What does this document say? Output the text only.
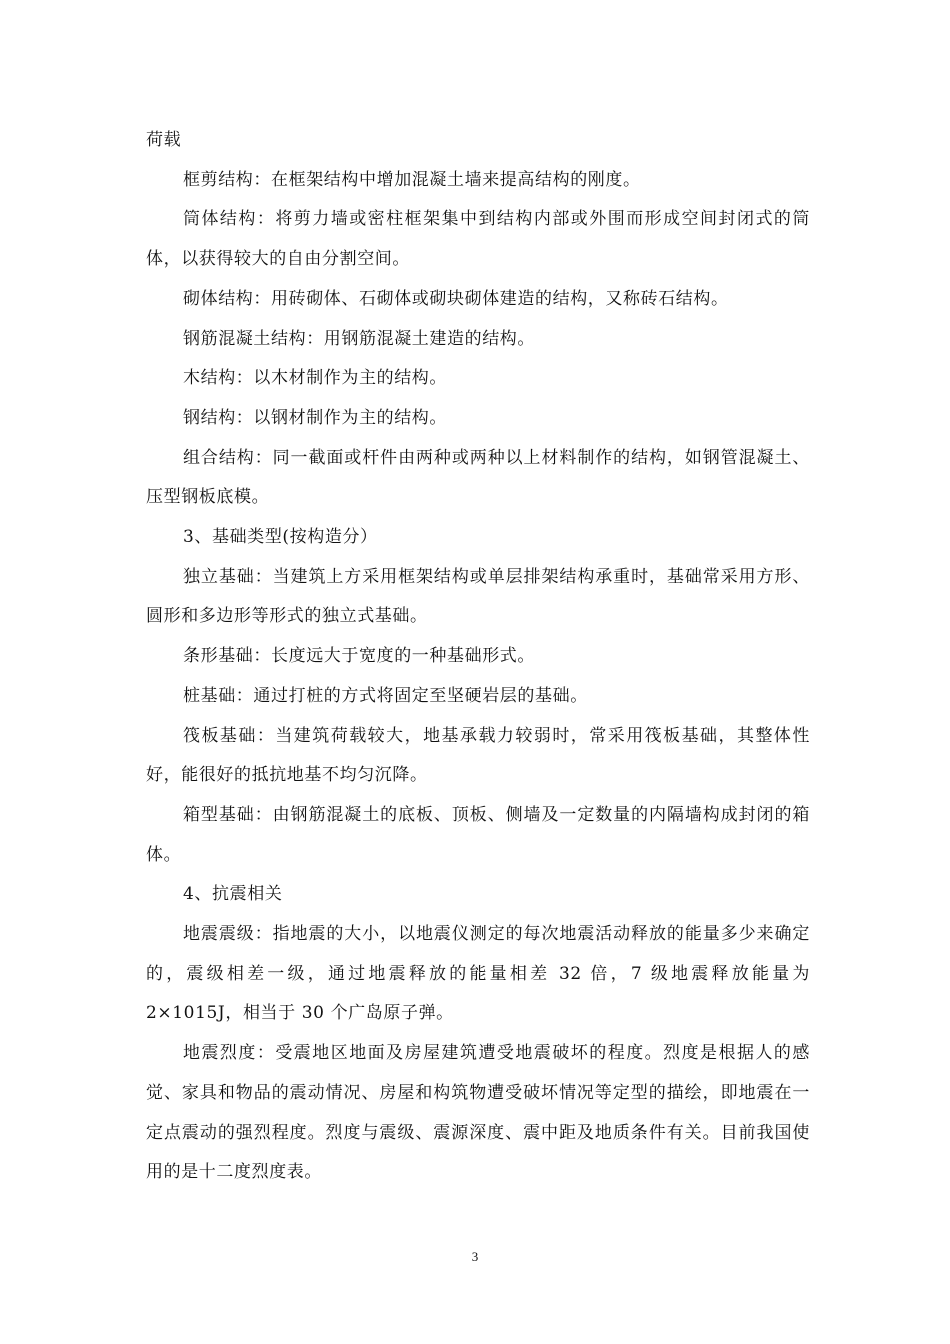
荷载

框剪结构：在框架结构中增加混凝土墙来提高结构的刚度。

筒体结构：将剪力墙或密柱框架集中到结构内部或外围而形成空间封闭式的筒体，以获得较大的自由分割空间。

砌体结构：用砖砌体、石砌体或砌块砌体建造的结构，又称砖石结构。

钢筋混凝土结构：用钢筋混凝土建造的结构。

木结构：以木材制作为主的结构。

钢结构：以钢材制作为主的结构。

组合结构：同一截面或杆件由两种或两种以上材料制作的结构，如钢管混凝土、压型钢板底模。

3、基础类型(按构造分）

独立基础：当建筑上方采用框架结构或单层排架结构承重时，基础常采用方形、圆形和多边形等形式的独立式基础。

条形基础：长度远大于宽度的一种基础形式。

桩基础：通过打桩的方式将固定至坚硬岩层的基础。

筏板基础：当建筑荷载较大，地基承载力较弱时，常采用筏板基础，其整体性好，能很好的抵抗地基不均匀沉降。

箱型基础：由钢筋混凝土的底板、顶板、侧墙及一定数量的内隔墙构成封闭的箱体。

4、抗震相关

地震震级：指地震的大小，以地震仪测定的每次地震活动释放的能量多少来确定的，震级相差一级，通过地震释放的能量相差 32 倍，7 级地震释放能量为 2×1015J，相当于 30 个广岛原子弹。

地震烈度：受震地区地面及房屋建筑遭受地震破坏的程度。烈度是根据人的感觉、家具和物品的震动情况、房屋和构筑物遭受破坏情况等定型的描绘，即地震在一定点震动的强烈程度。烈度与震级、震源深度、震中距及地质条件有关。目前我国使用的是十二度烈度表。

3
